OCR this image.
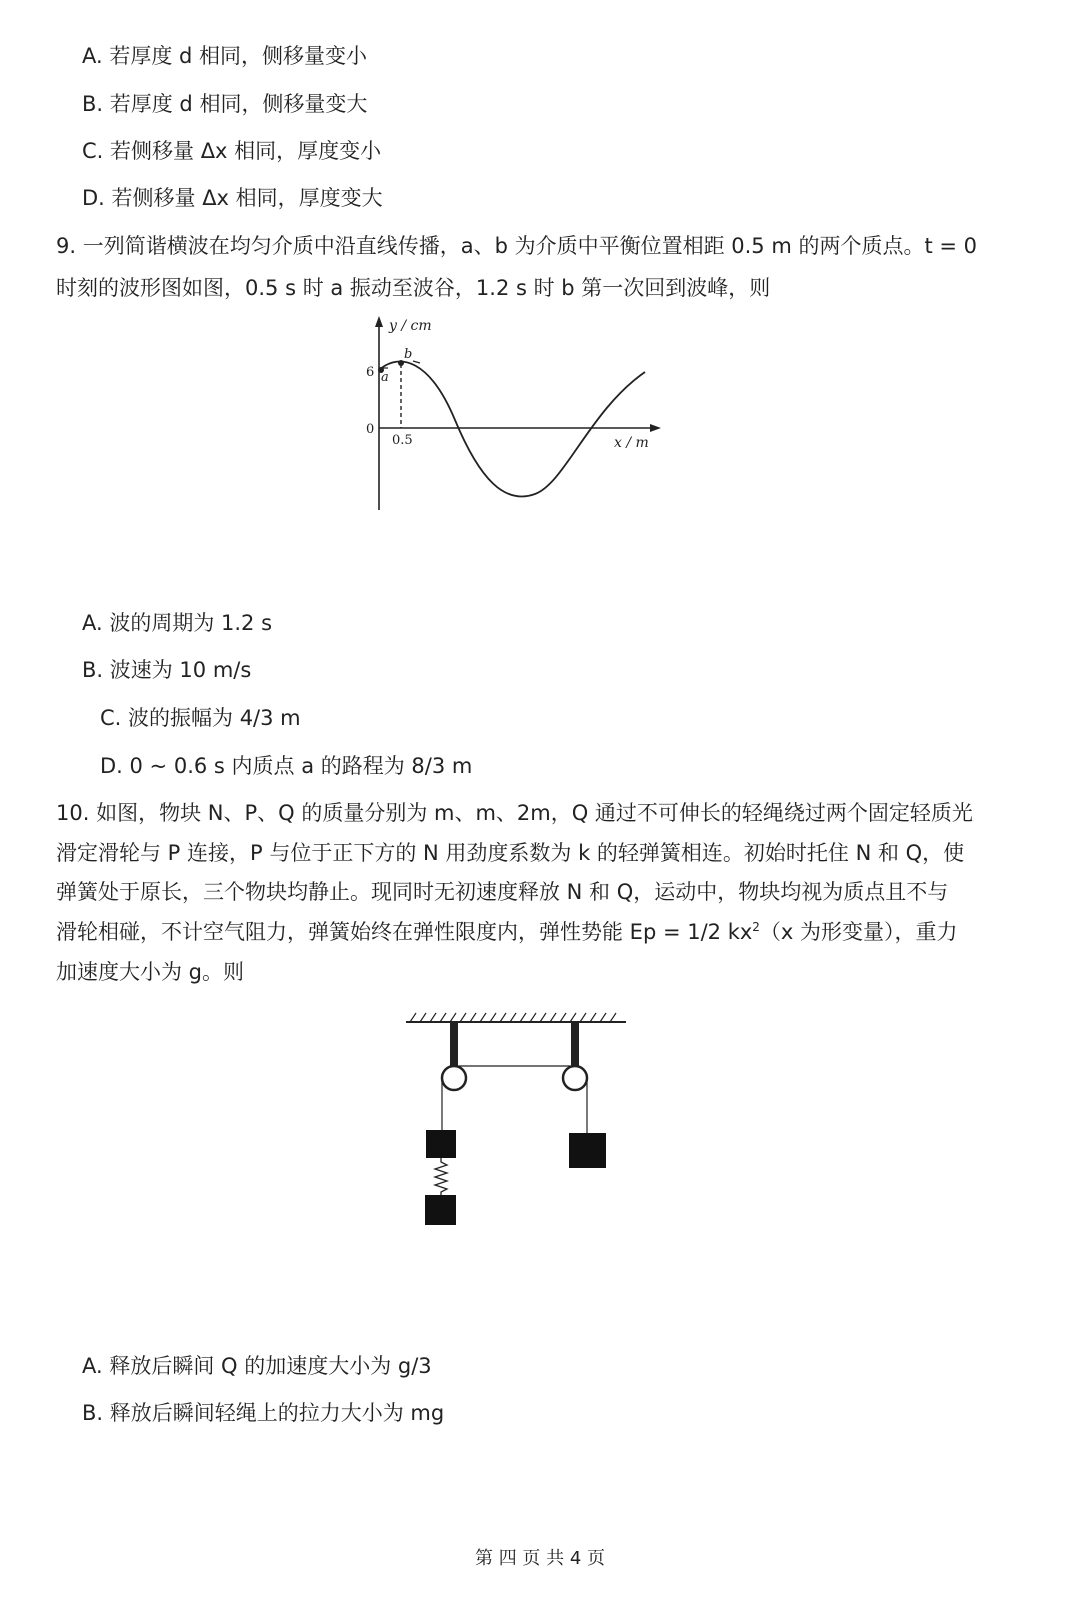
A. 若厚度 d 相同，侧移量变小
B. 若厚度 d 相同，侧移量变大
C. 若侧移量 Δx 相同，厚度变小
D. 若侧移量 Δx 相同，厚度变大
9. 一列简谐横波在均匀介质中沿直线传播，a、b 为介质中平衡位置相距 0.5 m 的两个质点。t = 0
时刻的波形图如图，0.5 s 时 a 振动至波谷，1.2 s 时 b 第一次回到波峰，则
y / cm
x / m
6
0
0.5
a
b
A. 波的周期为 1.2 s
B. 波速为 10 m/s
C. 波的振幅为 4/3 m
D. 0 ~ 0.6 s 内质点 a 的路程为 8/3 m
10. 如图，物块 N、P、Q 的质量分别为 m、m、2m，Q 通过不可伸长的轻绳绕过两个固定轻质光
滑定滑轮与 P 连接，P 与位于正下方的 N 用劲度系数为 k 的轻弹簧相连。初始时托住 N 和 Q，使
弹簧处于原长，三个物块均静止。现同时无初速度释放 N 和 Q，运动中，物块均视为质点且不与
滑轮相碰，不计空气阻力，弹簧始终在弹性限度内，弹性势能 Ep = 1/2 $kx^2(x$ 为形变量），重力
加速度大小为 g。则
A. 释放后瞬间 Q 的加速度大小为 g/3
B. 释放后瞬间轻绳上的拉力大小为 mg
第 四 页 共 4 页
